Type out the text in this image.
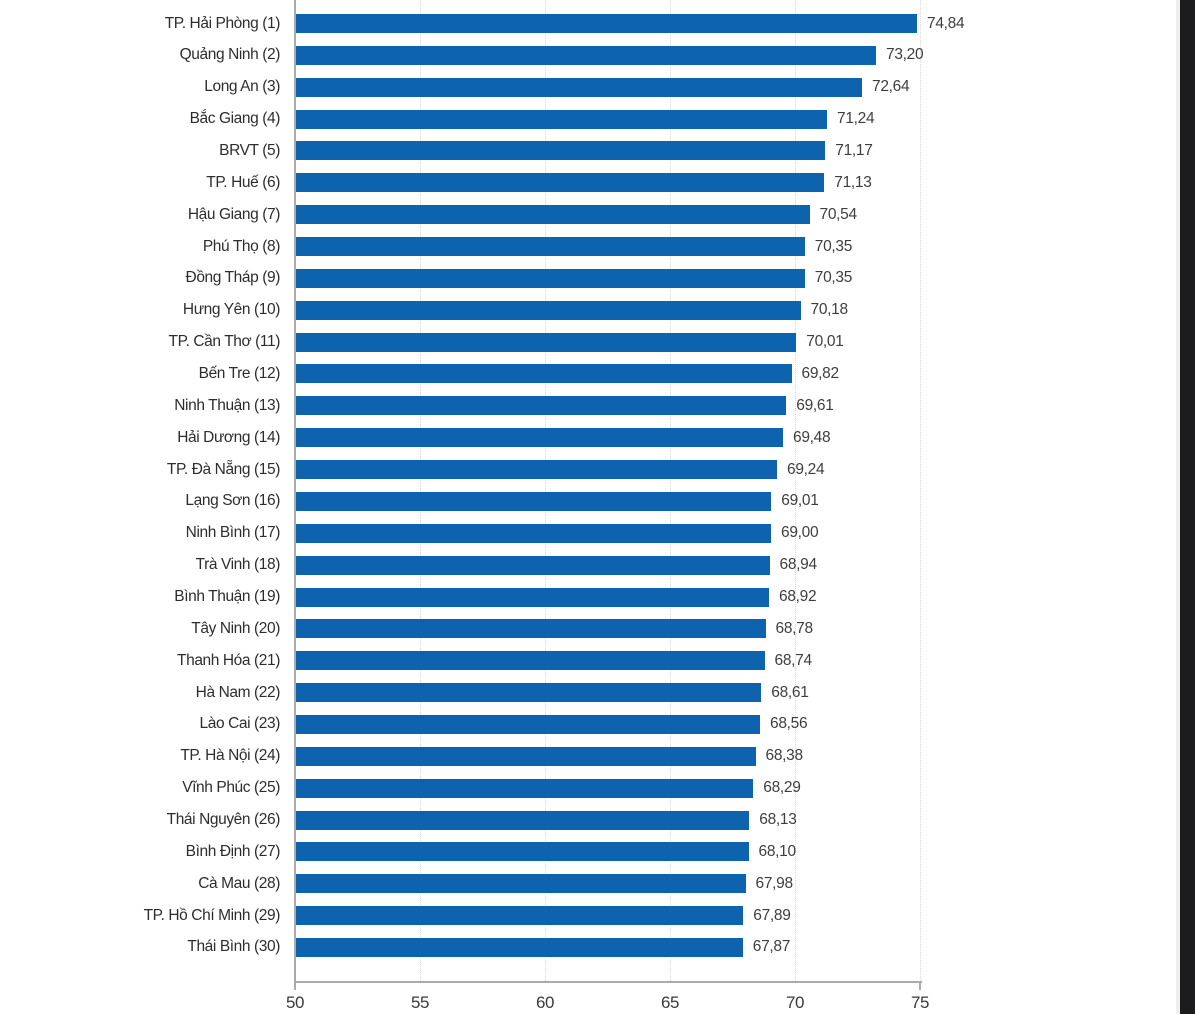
TP. Hải Phòng (1)	74,84
Quảng Ninh (2)	73,20
Long An (3)	72,64
Bắc Giang (4)	71,24
BRVT (5)	71,17
TP. Huế (6)	71,13
Hậu Giang (7)	70,54
Phú Thọ (8)	70,35
Đồng Tháp (9)	70,35
Hưng Yên (10)	70,18
TP. Cần Thơ (11)	70,01
Bến Tre (12)	69,82
Ninh Thuận (13)	69,61
Hải Dương (14)	69,48
TP. Đà Nẵng (15)	69,24
Lạng Sơn (16)	69,01
Ninh Bình (17)	69,00
Trà Vinh (18)	68,94
Bình Thuận (19)	68,92
Tây Ninh (20)	68,78
Thanh Hóa (21)	68,74
Hà Nam (22)	68,61
Lào Cai (23)	68,56
TP. Hà Nội (24)	68,38
Vĩnh Phúc (25)	68,29
Thái Nguyên (26)	68,13
Bình Định (27)	68,10
Cà Mau (28)	67,98
TP. Hồ Chí Minh (29)	67,89
Thái Bình (30)	67,87
50	55	60	65	70	75
